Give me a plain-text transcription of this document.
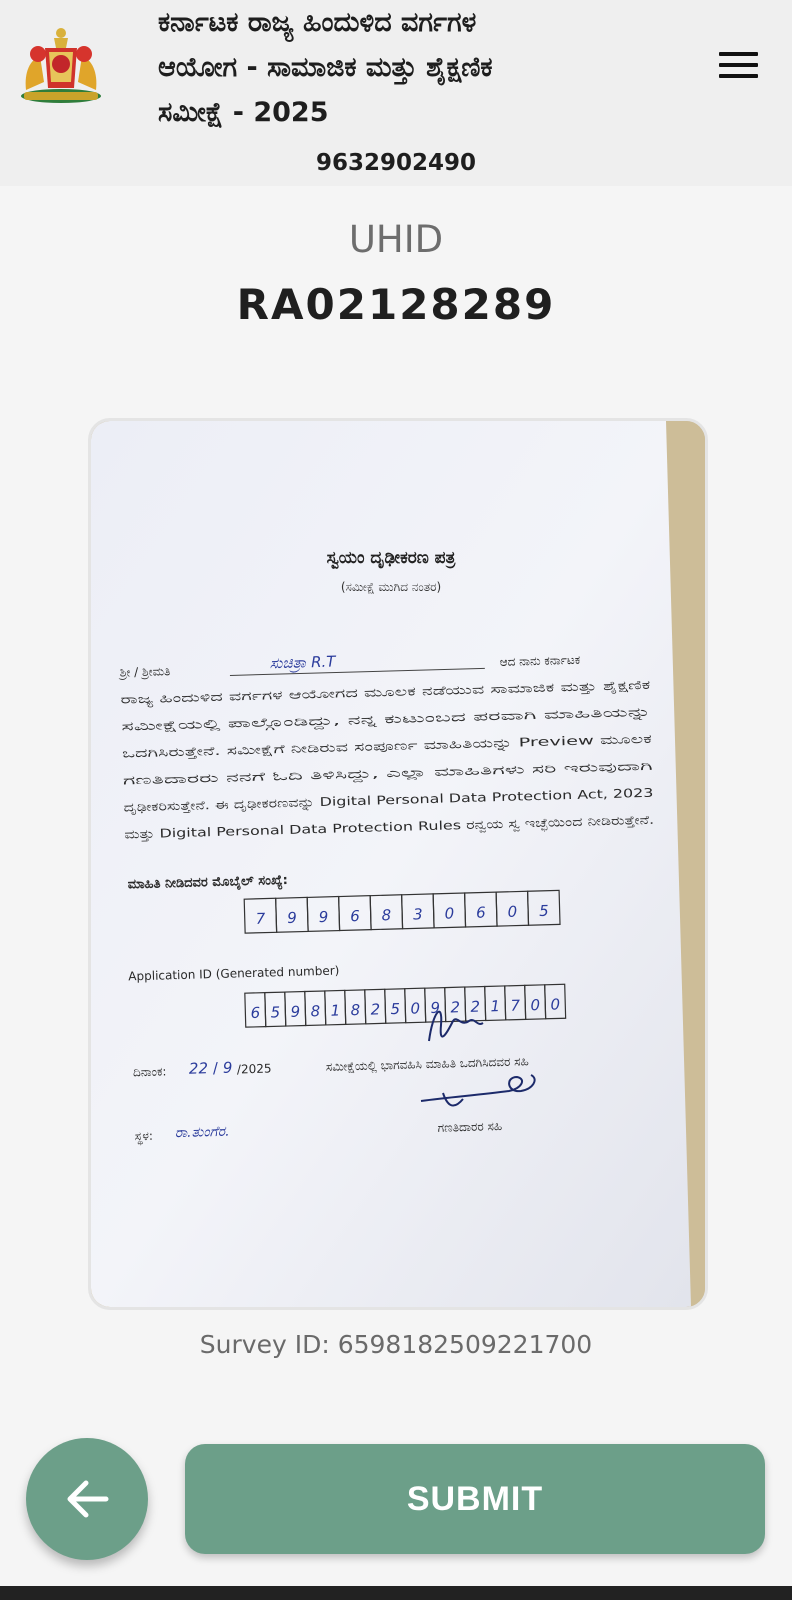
ಕರ್ನಾಟಕ ರಾಜ್ಯ ಹಿಂದುಳಿದ ವರ್ಗಗಳ
ಆಯೋಗ - ಸಾಮಾಜಿಕ ಮತ್ತು ಶೈಕ್ಷಣಿಕ
ಸಮೀಕ್ಷೆ - 2025
9632902490
UHID
RA02128289
ಸ್ವಯಂ ದೃಢೀಕರಣ ಪತ್ರ
(ಸಮೀಕ್ಷೆ ಮುಗಿದ ನಂತರ)
ಶ್ರೀ / ಶ್ರೀಮತಿ	ಸುಚಿತ್ರಾ R.T	ಆದ ನಾನು ಕರ್ನಾಟಕ
ರಾಜ್ಯ ಹಿಂದುಳಿದ ವರ್ಗಗಳ ಆಯೋಗದ ಮೂಲಕ ನಡೆಯುವ ಸಾಮಾಜಿಕ ಮತ್ತು ಶೈಕ್ಷಣಿಕ
ಸಮೀಕ್ಷೆಯಲ್ಲಿ ಪಾಲ್ಗೊಂಡಿದ್ದು, ನನ್ನ ಕುಟುಂಬದ ಪರವಾಗಿ ಮಾಹಿತಿಯನ್ನು
ಒದಗಿಸಿರುತ್ತೇನೆ. ಸಮೀಕ್ಷೆಗೆ ನೀಡಿರುವ ಸಂಪೂರ್ಣ ಮಾಹಿತಿಯನ್ನು Preview ಮೂಲಕ
ಗಣತಿದಾರರು ನನಗೆ ಓದಿ ತಿಳಿಸಿದ್ದು, ಎಲ್ಲಾ ಮಾಹಿತಿಗಳು ಸರಿ ಇರುವುದಾಗಿ
ದೃಢೀಕರಿಸುತ್ತೇನೆ. ಈ ದೃಢೀಕರಣವನ್ನು Digital Personal Data Protection Act, 2023
ಮತ್ತು Digital Personal Data Protection Rules ರನ್ವಯ ಸ್ವ ಇಚ್ಛೆಯಿಂದ ನೀಡಿರುತ್ತೇನೆ.
ಮಾಹಿತಿ ನೀಡಿದವರ ಮೊಬೈಲ್ ಸಂಖ್ಯೆ:
7 9 9 6 8 3 0 6 0 5
Application ID (Generated number)
6 5 9 8 1 8 2 5 0 9 2 2 1 7 0 0
ದಿನಾಂಕ: 22 / 9 /2025	ಸಮೀಕ್ಷೆಯಲ್ಲಿ ಭಾಗವಹಿಸಿ ಮಾಹಿತಿ ಒದಗಿಸಿದವರ ಸಹಿ
ಸ್ಥಳ: ರಾ.ತುಂಗೆರ.	ಗಣತಿದಾರರ ಸಹಿ
Survey ID: 6598182509221700
SUBMIT
